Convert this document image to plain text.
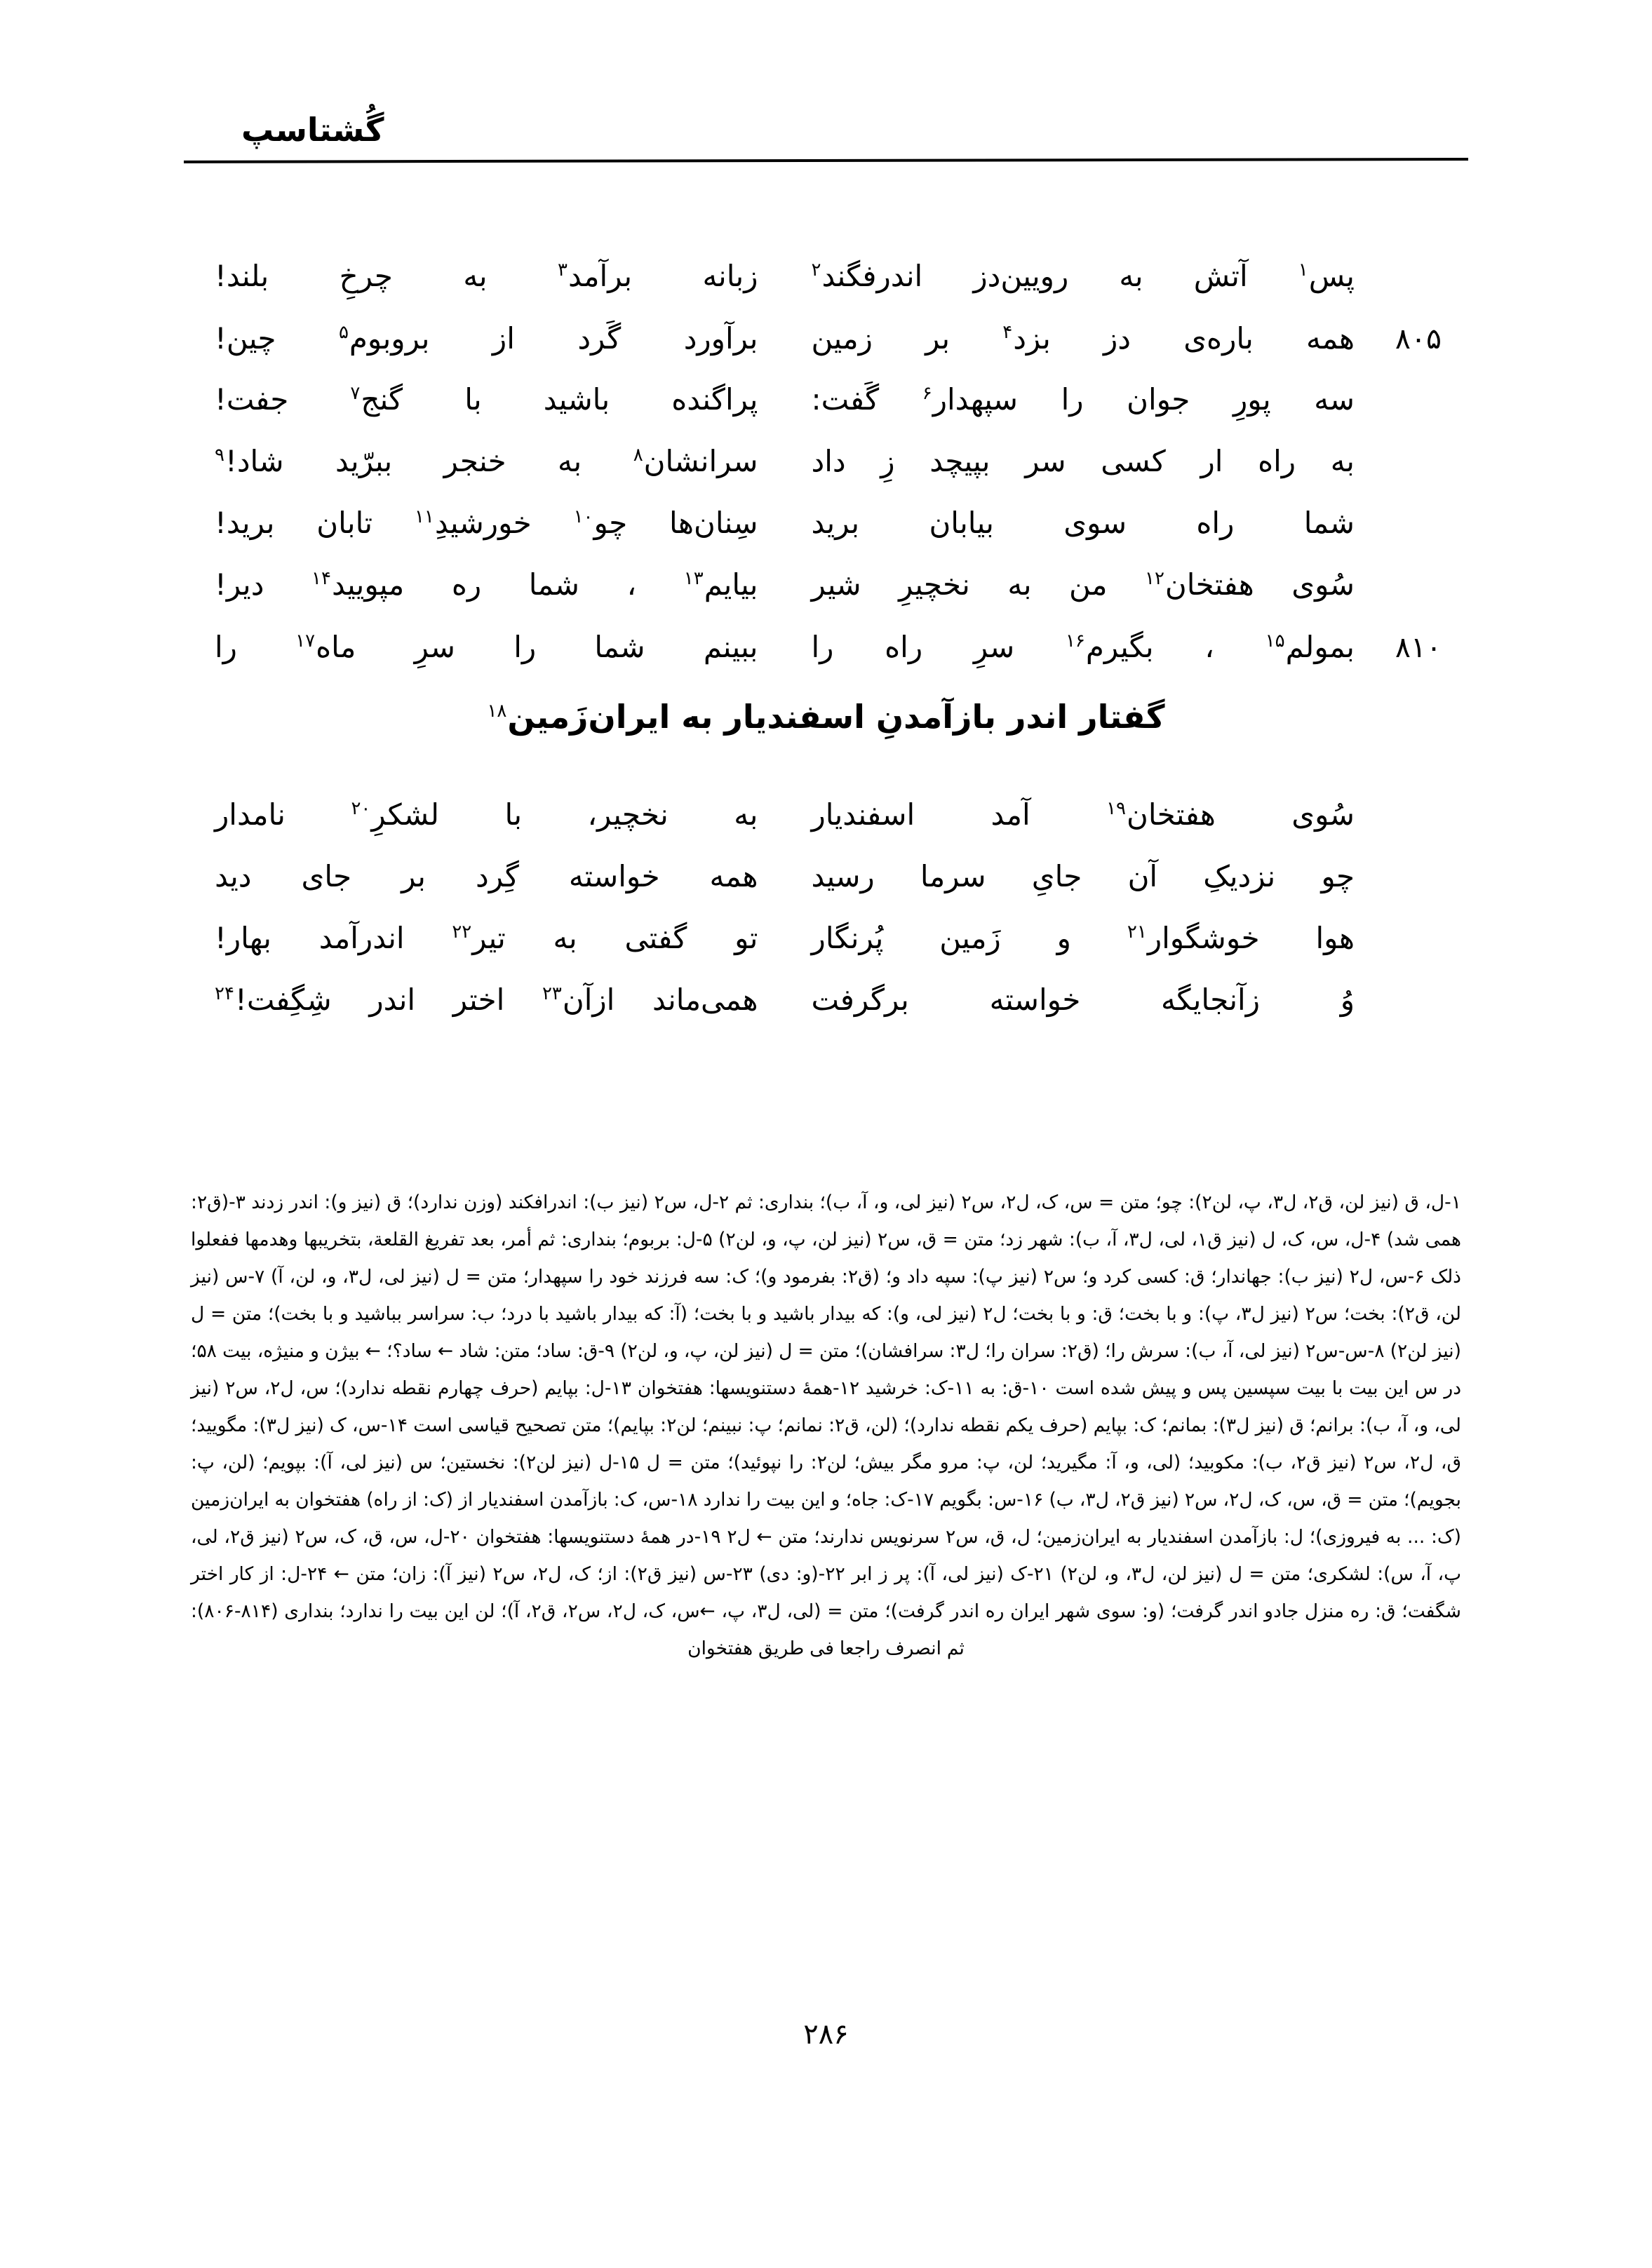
گُشتاسپ
پس$^۱$
آتش
به
رویین‌دز
اندرفگند$^۲$
زبانه
برآمد$^۳$
به
چرخِ
بلند!
۸۰۵
همه
باره‌ی
دز
بزد$^۴$
بر
زمین
برآورد
گَرد
از
بروبوم$^۵$
چین!
سه
پورِ
جوان
را
سپهدار$^۶$
گَفت:
پراگنده
باشید
با
گنج$^۷$
جفت!
به
راه
ار
کسی
سر
بپیچد
زِ
داد
سرانشان$^۸$
به
خنجر
ببرّید
شاد!$^۹$
شما
راه
سوی
بیابان
برید
سِنان‌ها
چو$^{۱۰}$
خورشیدِ$^{۱۱}$
تابان
برید!
سُوی
هفتخان$^{۱۲}$
من
به
نخچیرِ
شیر
بیایم$^{۱۳}$
،
شما
ره
مپویید$^{۱۴}$
دیر!
۸۱۰
بمولم$^{۱۵}$
،
بگیرم$^{۱۶}$
سرِ
راه
را
ببینم
شما
را
سرِ
ماه$^{۱۷}$
را
گفتار اندر بازآمدنِ اسفندیار به ایران‌زَمین$^{۱۸}$
سُوی
هفتخان$^{۱۹}$
آمد
اسفندیار
به
نخچیر،
با
لشکرِ$^{۲۰}$
نامدار
چو
نزدیکِ
آن
جایِ
سرما
رسید
همه
خواسته
گِرد
بر
جای
دید
هوا
خوشگوار$^{۲۱}$
و
زَمین
پُرنگار
تو
گفتی
به
تیر$^{۲۲}$
اندرآمد
بهار!
وُ
زآنجایگه
خواسته
برگرفت
همی‌ماند
ازآن$^{۲۳}$
اختر
اندر
شِگِفت!$^{۲۴}$
۱-ل، ق (نیز لن، ق۲، ل۳، پ، لن۲): چو؛ متن = س، ک، ل۲، س۲ (نیز لی، و، آ، ب)؛ بنداری: ثم ۲-ل، س۲ (نیز ب): اندرافکند (وزن ندارد)؛ ق (نیز و): اندر زدند ۳-(ق۲: همی شد) ۴-ل، س، ک، ل (نیز ق۱، لی، ل۳، آ، ب): شهر زد؛ متن = ق، س۲ (نیز لن، پ، و، لن۲) ۵-ل: بربوم؛ بنداری: ثم أمر، بعد تفریغ القلعة، بتخریبها وهدمها ففعلوا ذلک ۶-س، ل۲ (نیز ب): جهاندار؛ ق: کسی کرد و؛ س۲ (نیز پ): سپه داد و؛ (ق۲: بفرمود و)؛ ک: سه فرزند خود را سپهدار؛ متن = ل (نیز لی، ل۳، و، لن، آ) ۷-س (نیز لن، ق۲): بخت؛ س۲ (نیز ل۳، پ): و با بخت؛ ق: و با بخت؛ ل۲ (نیز لی، و): که بیدار باشید و با بخت؛ (آ: که بیدار باشید با درد؛ ب: سراسر بباشید و با بخت)؛ متن = ل (نیز لن۲) ۸-س-س۲ (نیز لی، آ، ب): سرش را؛ (ق۲: سران را؛ ل۳: سرافشان)؛ متن = ل (نیز لن، پ، و، لن۲) ۹-ق: ساد؛ متن: شاد ← ساد؟؛ ← بیژن و منیژه، بیت ۵۸؛ در س این بیت با بیت سپسین پس و پیش شده است ۱۰-ق: به ۱۱-ک: خرشید ۱۲-همهٔ دستنویسها: هفتخوان ۱۳-ل: بپایم (حرف چهارم نقطه ندارد)؛ س، ل۲، س۲ (نیز لی، و، آ، ب): برانم؛ ق (نیز ل۳): بمانم؛ ک: بپایم (حرف یکم نقطه ندارد)؛ (لن، ق۲: نمانم؛ پ: نبینم؛ لن۲: بپایم)؛ متن تصحیح قیاسی است ۱۴-س، ک (نیز ل۳): مگویید؛ ق، ل۲، س۲ (نیز ق۲، ب): مکوبید؛ (لی، و، آ: مگیرید؛ لن، پ: مرو مگر بیش؛ لن۲: را نپوئید)؛ متن = ل ۱۵-ل (نیز لن۲): نخستین؛ س (نیز لی، آ): بپویم؛ (لن، پ: بجویم)؛ متن = ق، س، ک، ل۲، س۲ (نیز ق۲، ل۳، ب) ۱۶-س: بگویم ۱۷-ک: جاه؛ و این بیت را ندارد ۱۸-س، ک: بازآمدن اسفندیار از (ک: از راه) هفتخوان به ایران‌زمین (ک: ... به فیروزی)؛ ل: بازآمدن اسفندیار به ایران‌زمین؛ ل، ق، س۲ سرنویس ندارند؛ متن ← ل۲ ۱۹-در همهٔ دستنویسها: هفتخوان ۲۰-ل، س، ق، ک، س۲ (نیز ق۲، لی، پ، آ، س): لشکری؛ متن = ل (نیز لن، ل۳، و، لن۲) ۲۱-ک (نیز لی، آ): پر ز ابر ۲۲-(و: دی) ۲۳-س (نیز ق۲): از؛ ک، ل۲، س۲ (نیز آ): زان؛ متن ← ۲۴-ل: از کار اختر شگفت؛ ق: ره منزل جادو اندر گرفت؛ (و: سوی شهر ایران ره اندر گرفت)؛ متن = (لی، ل۳، پ، ←س، ک، ل۲، س۲، ق۲، آ)؛ لن این بیت را ندارد؛ بنداری (۸۱۴-۸۰۶): ثم انصرف راجعا فی طریق هفتخوان
۲۸۶
